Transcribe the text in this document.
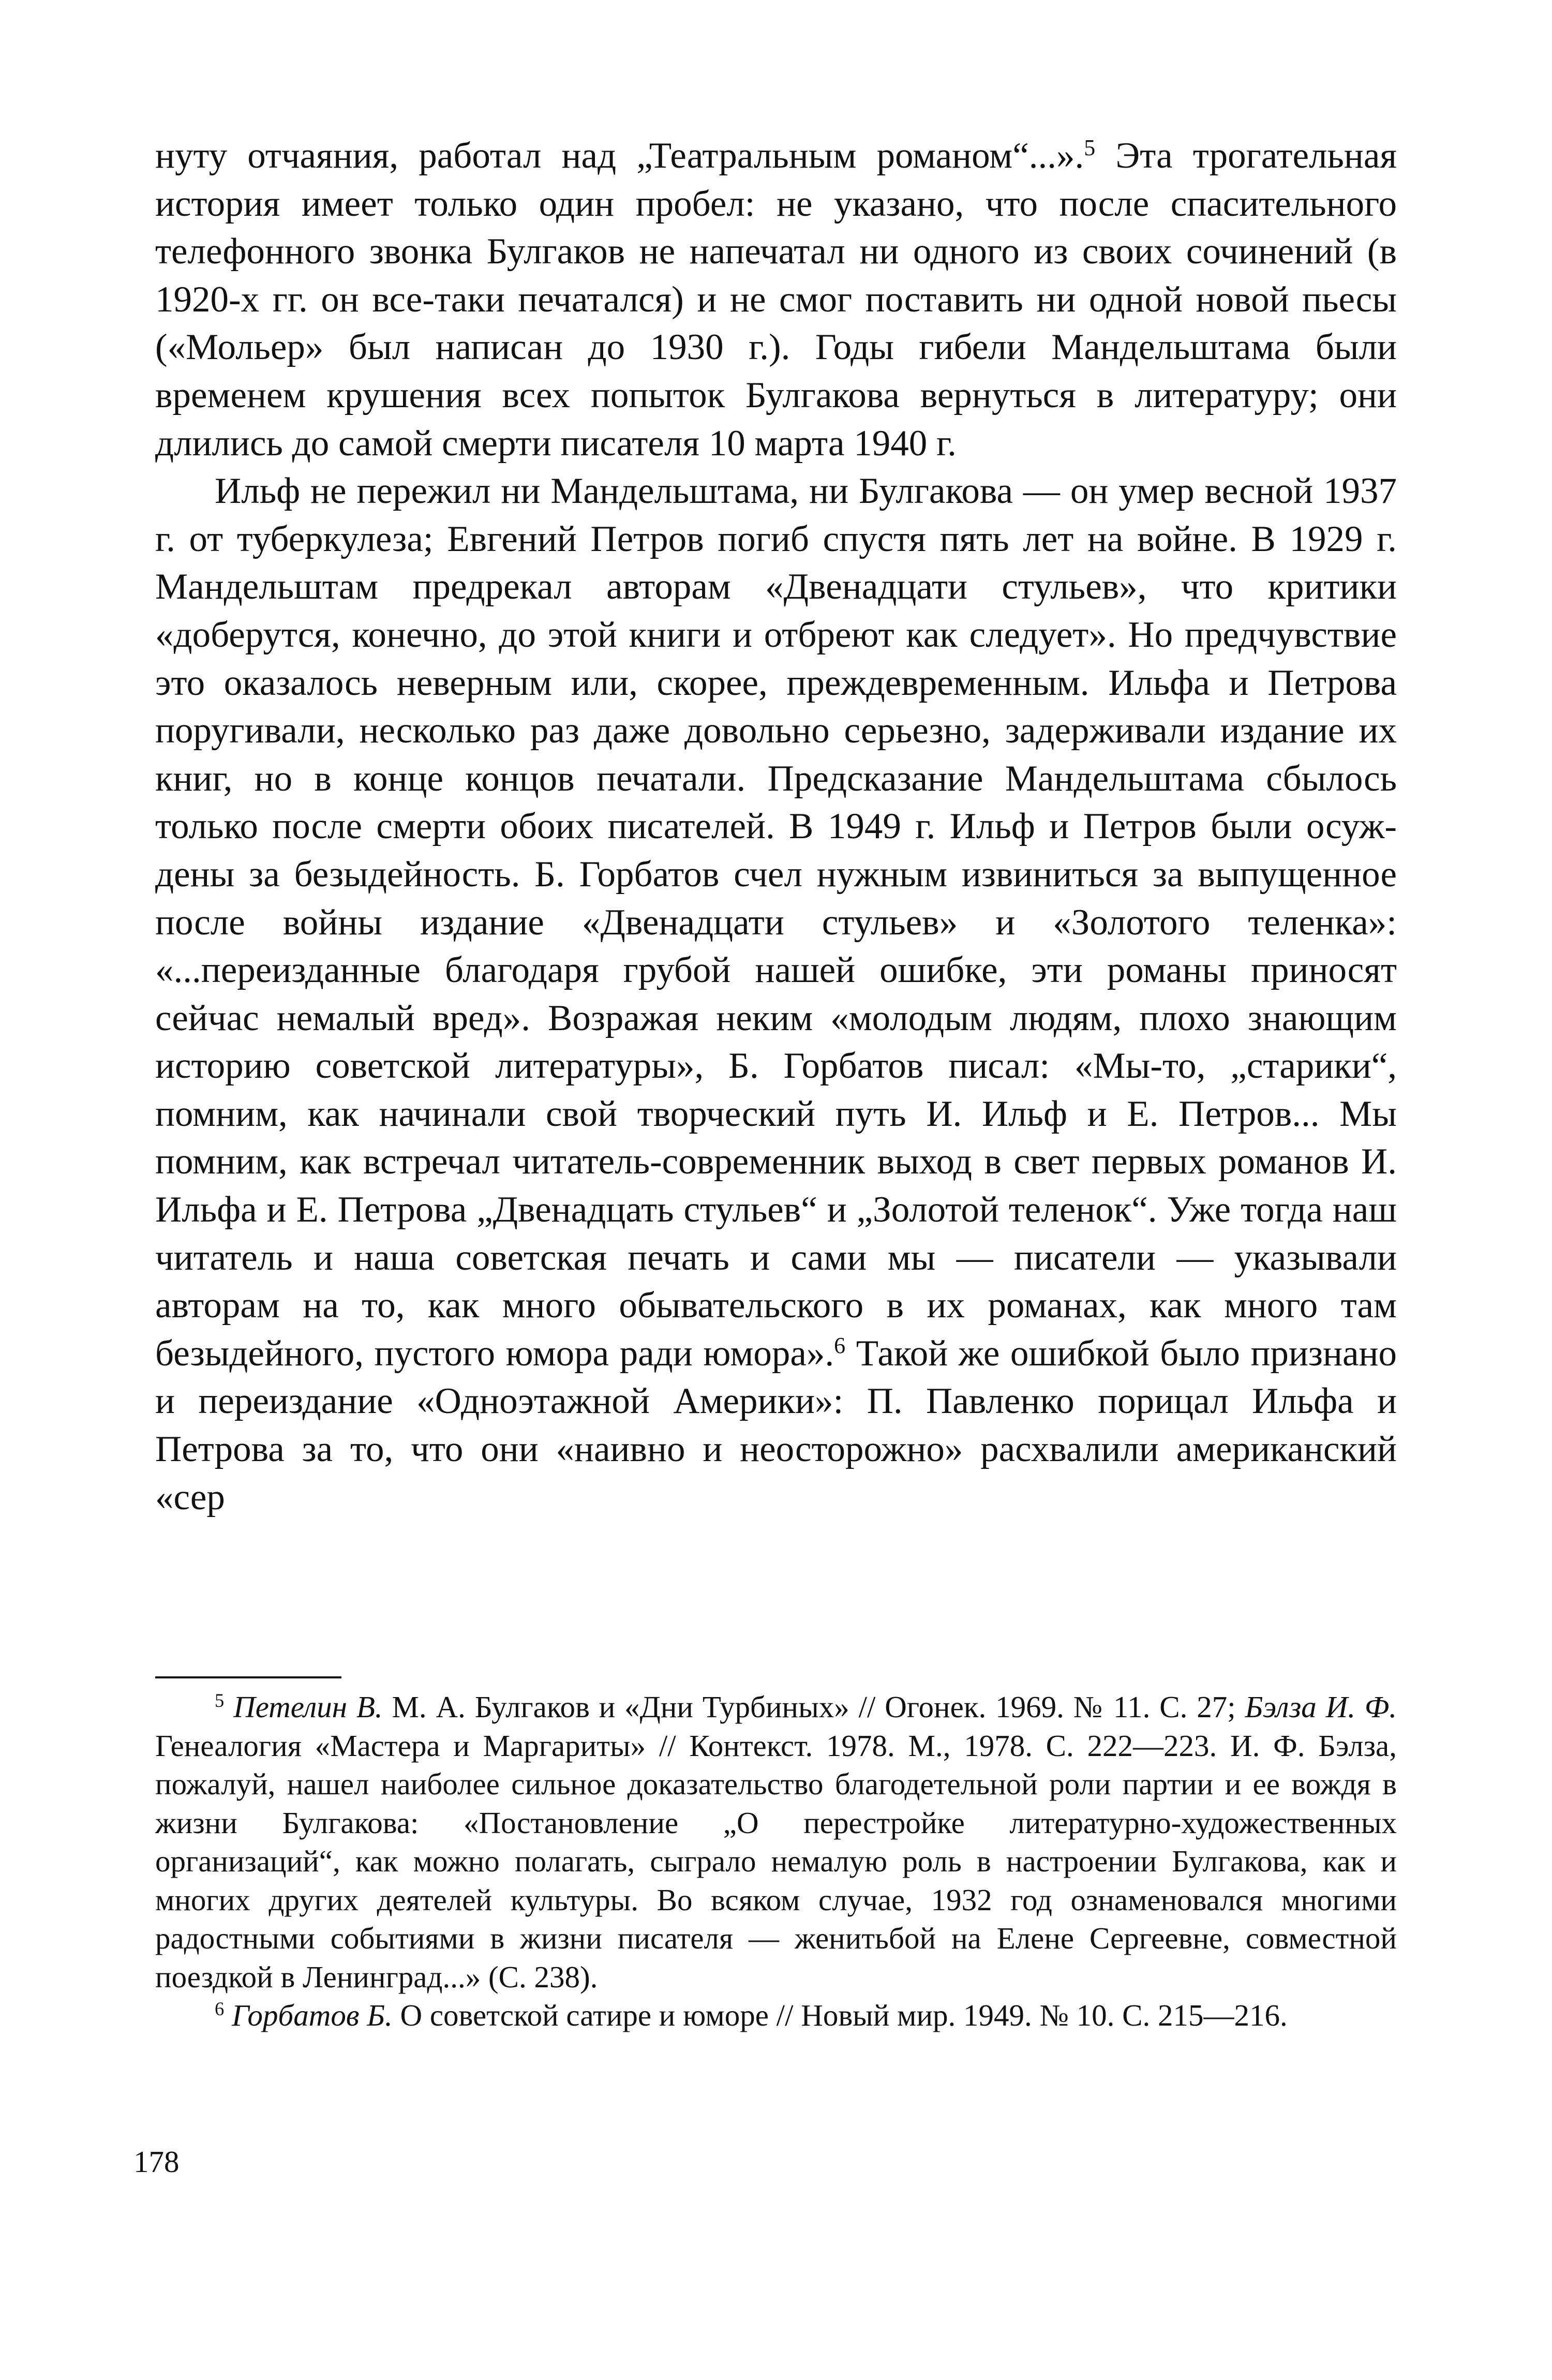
нуту отчаяния, работал над „Театральным романом“...».$^5$ Эта трогательная история имеет только один пробел: не указано, что после спасительного телефонного звонка Булгаков не напечатал ни одного из своих сочинений (в 1920-х гг. он все-таки печатался) и не смог поставить ни одной новой пьесы («Мольер» был написан до 1930 г.). Годы гибели Мандельштама были временем крушения всех попыток Булгакова вернуться в литературу; они длились до самой смерти писателя 10 марта 1940 г.

Ильф не пережил ни Мандельштама, ни Булгакова — он умер весной 1937 г. от туберкулеза; Евгений Петров погиб спустя пять лет на войне. В 1929 г. Мандельштам предрекал авторам «Двенадцати стульев», что критики «доберутся, конечно, до этой книги и отбреют как следует». Но предчувствие это оказалось неверным или, скорее, преждевременным. Ильфа и Петрова поругивали, несколько раз даже довольно серьезно, задерживали издание их книг, но в конце концов печатали. Предсказание Мандельштама сбылось только после смерти обоих писателей. В 1949 г. Ильф и Петров были осуждены за безыдейность. Б. Горбатов счел нужным извиниться за выпущенное после войны издание «Двенадцати стульев» и «Золотого теленка»: «...переизданные благодаря грубой нашей ошибке, эти романы приносят сейчас немалый вред». Возражая неким «молодым людям, плохо знающим историю советской литературы», Б. Горбатов писал: «Мы-то, „старики“, помним, как начинали свой творческий путь И. Ильф и Е. Петров... Мы помним, как встречал читатель-современник выход в свет первых романов И. Ильфа и Е. Петрова „Двенадцать стульев“ и „Золотой теленок“. Уже тогда наш читатель и наша советская печать и сами мы — писатели — указывали авторам на то, как много обывательского в их романах, как много там безыдейного, пустого юмора ради юмора».$^6$ Такой же ошибкой было признано и переиздание «Одноэтажной Америки»: П. Павленко порицал Ильфа и Петрова за то, что они «наивно и неосторожно» расхвалили американский «сер

$^5$ Петелин В. М. А. Булгаков и «Дни Турбиных» // Огонек. 1969. № 11. С. 27; Бэлза И. Ф. Генеалогия «Мастера и Маргариты» // Контекст. 1978. М., 1978. С. 222—223. И. Ф. Бэлза, пожалуй, нашел наиболее сильное доказательство благодетельной роли партии и ее вождя в жизни Булгакова: «Постановление „О перестройке литературно-художественных организаций“, как можно полагать, сыграло немалую роль в настроении Булгакова, как и многих других деятелей культуры. Во всяком случае, 1932 год ознаменовался многими радостными событиями в жизни писателя — женитьбой на Елене Сергеевне, совместной поездкой в Ленинград...» (С. 238).

$^6$ Горбатов Б. О советской сатире и юморе // Новый мир. 1949. № 10. С. 215—216.

178
